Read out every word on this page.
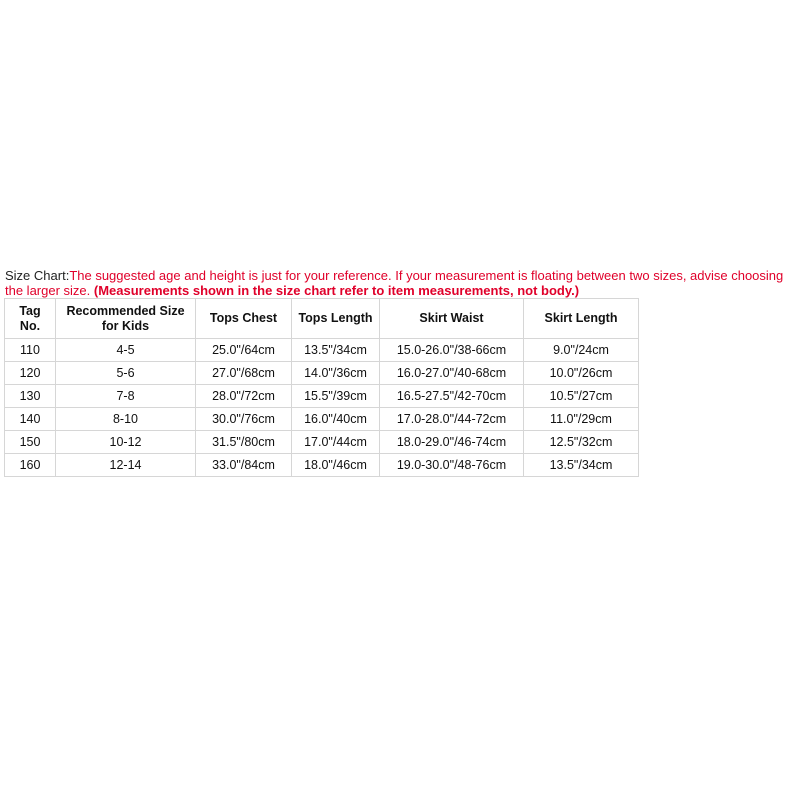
Size Chart:The suggested age and height is just for your reference. If your measurement is floating between two sizes, advise choosing the larger size. (Measurements shown in the size chart refer to item measurements, not body.)
Tag No.	Recommended Size for Kids	Tops Chest	Tops Length	Skirt Waist	Skirt Length
110	4-5	25.0"/64cm	13.5"/34cm	15.0-26.0"/38-66cm	9.0"/24cm
120	5-6	27.0"/68cm	14.0"/36cm	16.0-27.0"/40-68cm	10.0"/26cm
130	7-8	28.0"/72cm	15.5"/39cm	16.5-27.5"/42-70cm	10.5"/27cm
140	8-10	30.0"/76cm	16.0"/40cm	17.0-28.0"/44-72cm	11.0"/29cm
150	10-12	31.5"/80cm	17.0"/44cm	18.0-29.0"/46-74cm	12.5"/32cm
160	12-14	33.0"/84cm	18.0"/46cm	19.0-30.0"/48-76cm	13.5"/34cm
